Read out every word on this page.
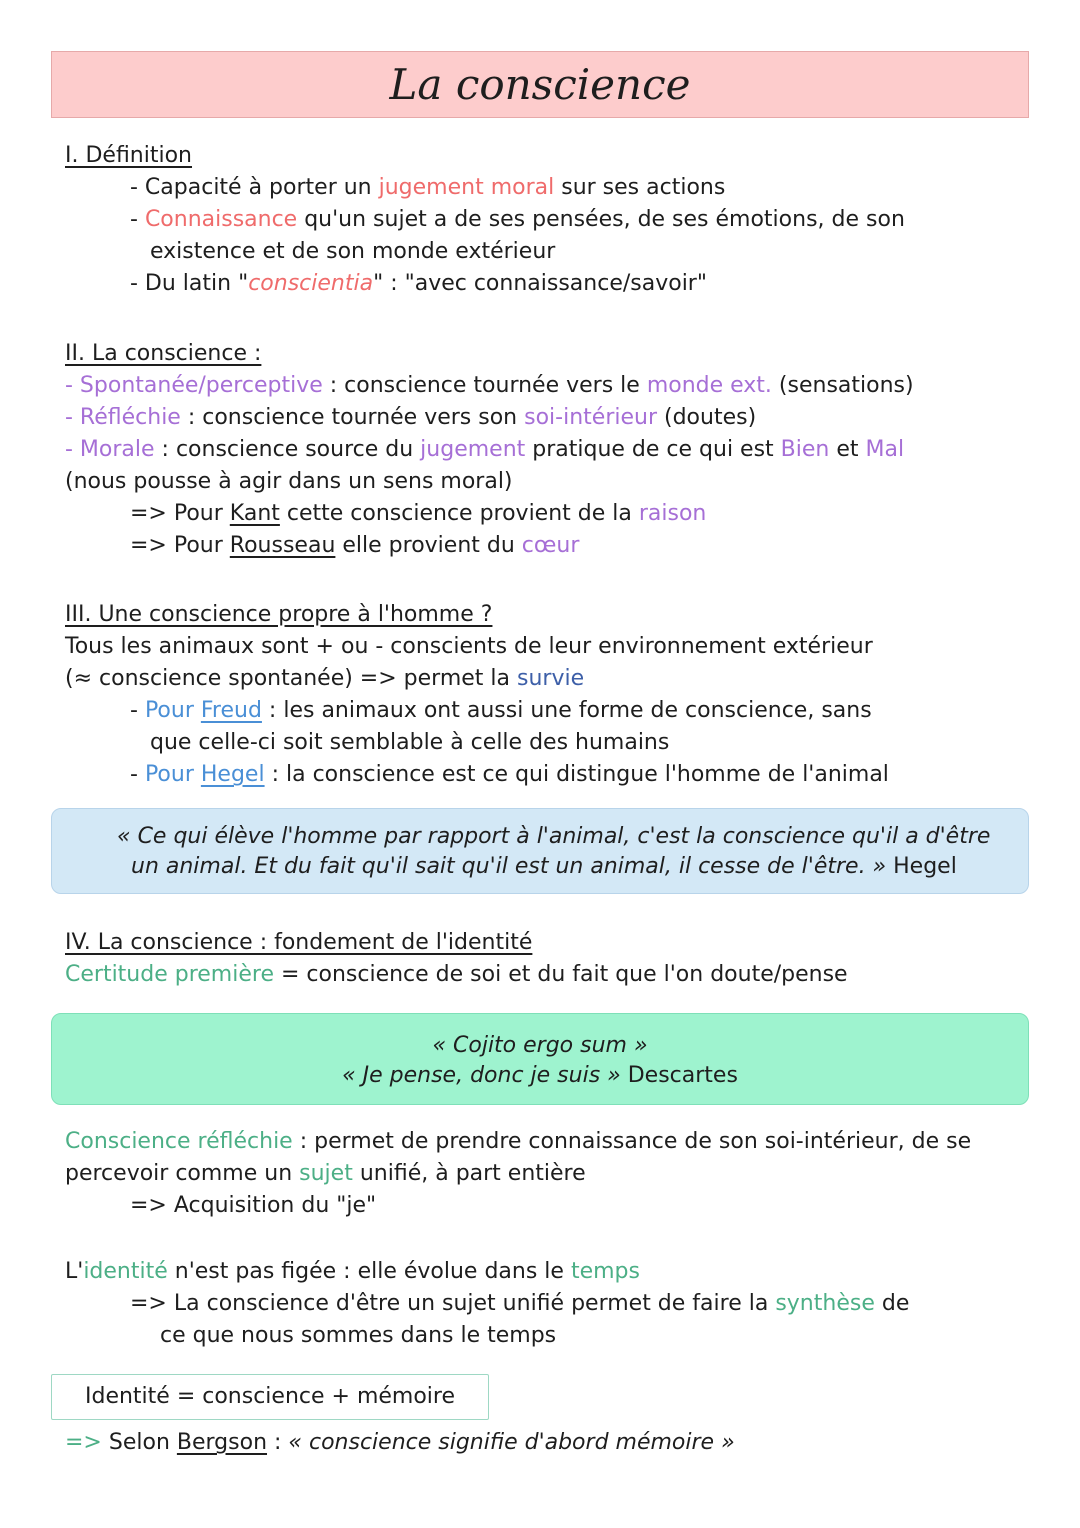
La conscience
I. Définition
- Capacité à porter un jugement moral sur ses actions
- Connaissance qu'un sujet a de ses pensées, de ses émotions, de son
existence et de son monde extérieur
- Du latin "conscientia" : "avec connaissance/savoir"
II. La conscience :
- Spontanée/perceptive : conscience tournée vers le monde ext. (sensations)
- Réfléchie : conscience tournée vers son soi-intérieur (doutes)
- Morale : conscience source du jugement pratique de ce qui est Bien et Mal
(nous pousse à agir dans un sens moral)
=> Pour Kant cette conscience provient de la raison
=> Pour Rousseau elle provient du cœur
III. Une conscience propre à l'homme ?
Tous les animaux sont + ou - conscients de leur environnement extérieur
(≈ conscience spontanée) => permet la survie
- Pour Freud : les animaux ont aussi une forme de conscience, sans
que celle-ci soit semblable à celle des humains
- Pour Hegel : la conscience est ce qui distingue l'homme de l'animal
« Ce qui élève l'homme par rapport à l'animal, c'est la conscience qu'il a d'être
un animal. Et du fait qu'il sait qu'il est un animal, il cesse de l'être. » Hegel
IV. La conscience : fondement de l'identité
Certitude première = conscience de soi et du fait que l'on doute/pense
« Cojito ergo sum »
« Je pense, donc je suis » Descartes
Conscience réfléchie : permet de prendre connaissance de son soi-intérieur, de se
percevoir comme un sujet unifié, à part entière
=> Acquisition du "je"
L'identité n'est pas figée : elle évolue dans le temps
=> La conscience d'être un sujet unifié permet de faire la synthèse de
ce que nous sommes dans le temps
Identité = conscience + mémoire
=> Selon Bergson : « conscience signifie d'abord mémoire »
